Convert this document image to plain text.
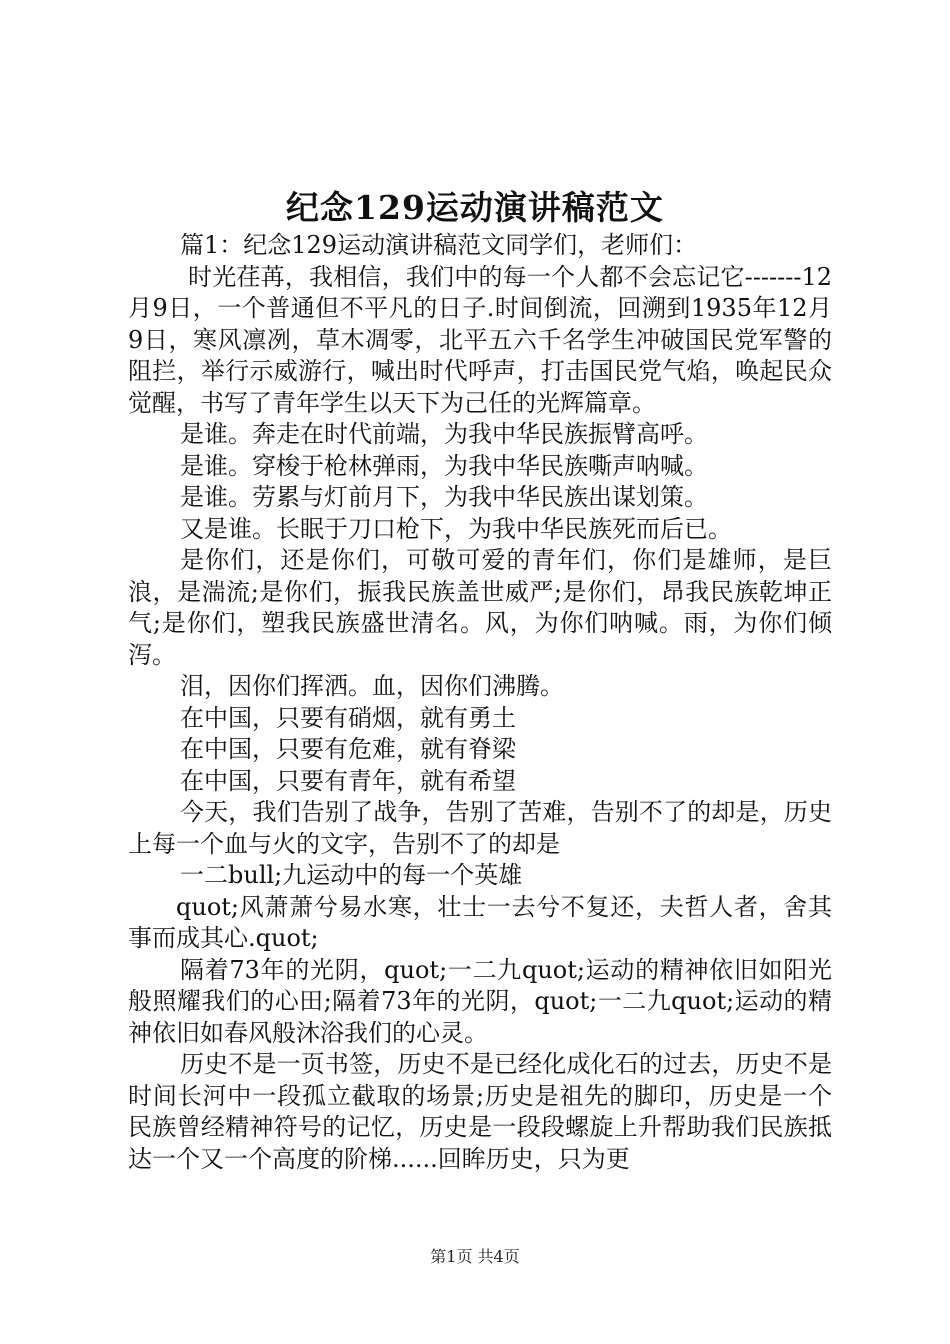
纪念129运动演讲稿范文

篇1：纪念129运动演讲稿范文同学们，老师们：

时光荏苒，我相信，我们中的每一个人都不会忘记它-------12月9日，一个普通但不平凡的日子.时间倒流，回溯到1935年12月9日，寒风凛冽，草木凋零，北平五六千名学生冲破国民党军警的阻拦，举行示威游行，喊出时代呼声，打击国民党气焰，唤起民众觉醒，书写了青年学生以天下为己任的光辉篇章。

是谁。奔走在时代前端，为我中华民族振臂高呼。

是谁。穿梭于枪林弹雨，为我中华民族嘶声呐喊。

是谁。劳累与灯前月下，为我中华民族出谋划策。

又是谁。长眠于刀口枪下，为我中华民族死而后已。

是你们，还是你们，可敬可爱的青年们，你们是雄师，是巨浪，是湍流;是你们，振我民族盖世威严;是你们，昂我民族乾坤正气;是你们，塑我民族盛世清名。风，为你们呐喊。雨，为你们倾泻。

泪，因你们挥洒。血，因你们沸腾。

在中国，只要有硝烟，就有勇土

在中国，只要有危难，就有脊梁

在中国，只要有青年，就有希望

今天，我们告别了战争，告别了苦难，告别不了的却是，历史上每一个血与火的文字，告别不了的却是

一二bull;九运动中的每一个英雄

quot;风萧萧兮易水寒，壮士一去兮不复还，夫哲人者，舍其事而成其心.quot;

隔着73年的光阴，quot;一二九quot;运动的精神依旧如阳光般照耀我们的心田;隔着73年的光阴，quot;一二九quot;运动的精神依旧如春风般沐浴我们的心灵。

历史不是一页书签，历史不是已经化成化石的过去，历史不是时间长河中一段孤立截取的场景;历史是祖先的脚印，历史是一个民族曾经精神符号的记忆，历史是一段段螺旋上升帮助我们民族抵达一个又一个高度的阶梯......回眸历史，只为更

第1页 共4页
